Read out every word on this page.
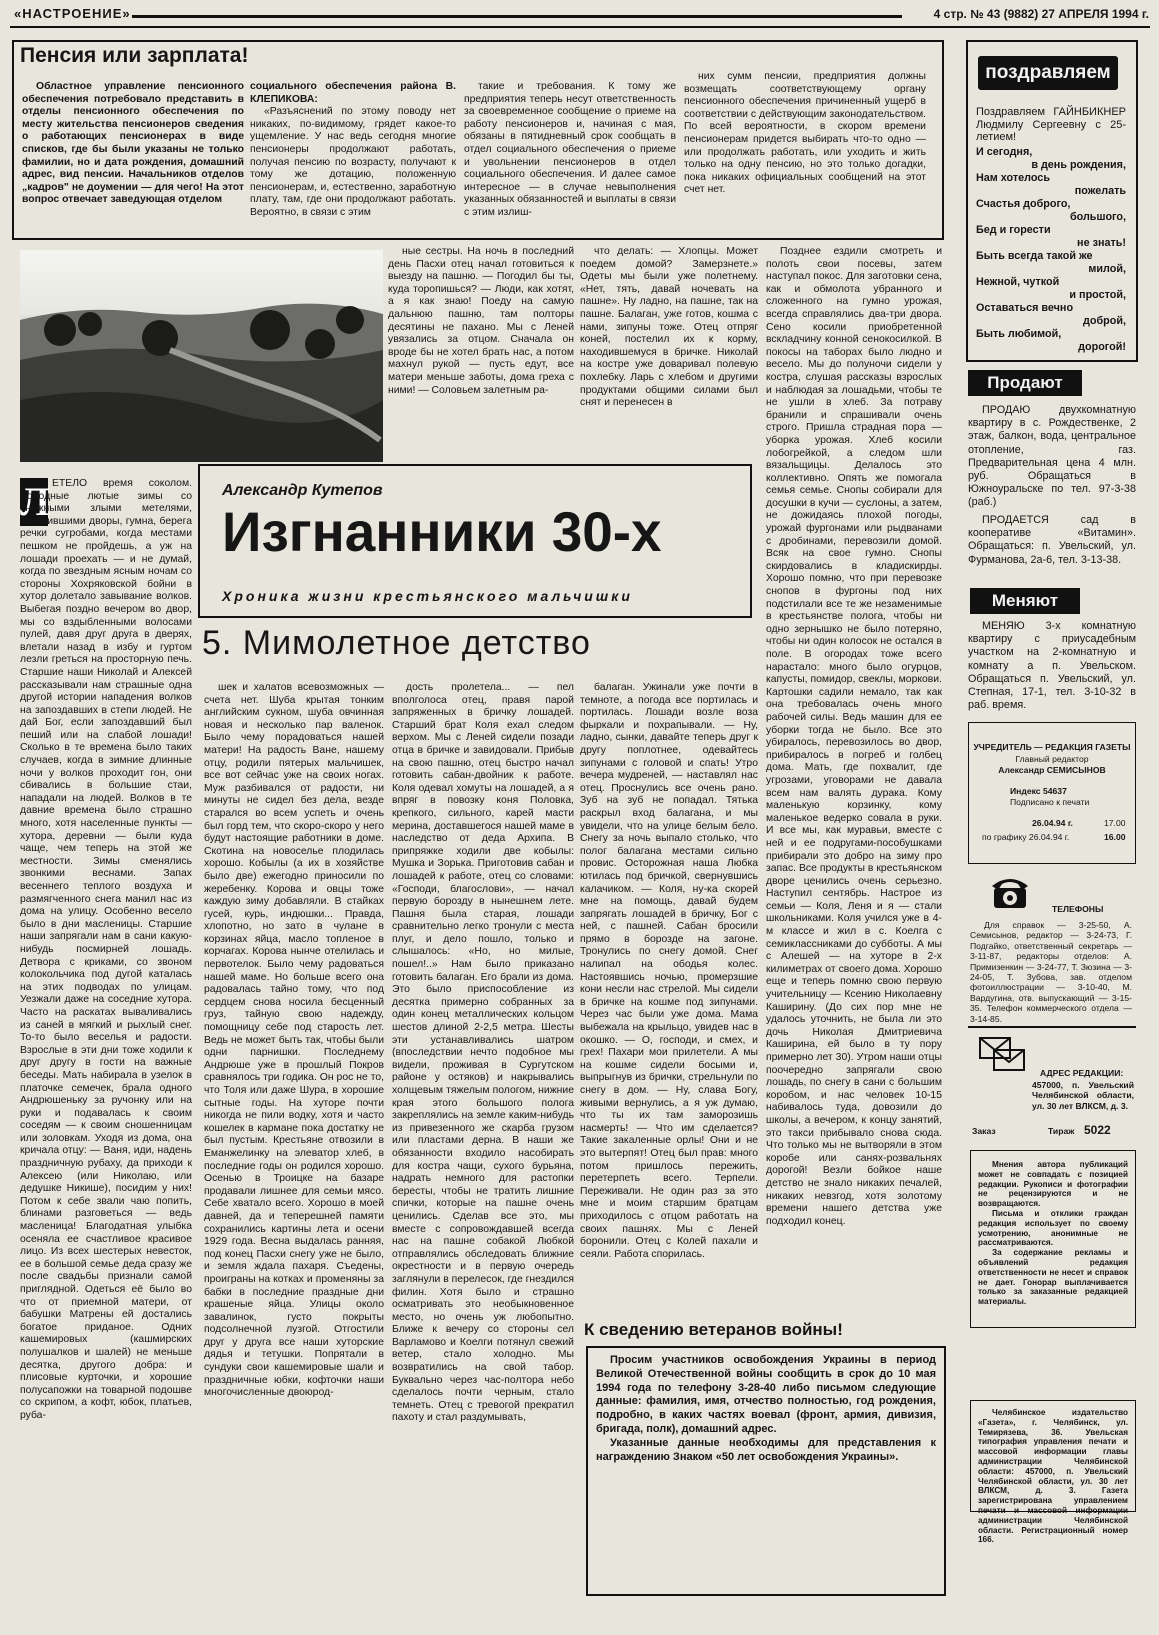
«НАСТРОЕНИЕ»	4 стр. № 43 (9882) 27 АПРЕЛЯ 1994 г.
Пенсия или зарплата!

Областное управление пенсионного обеспечения потребовало представить в отделы пенсионного обеспечения по месту жительства пенсионеров сведения о работающих пенсионерах в виде списков, где бы были указаны не только фамилии, но и дата рождения, домашний адрес, вид пенсии. Начальников отделов „кадров" не доумении — для чего! На этот вопрос отвечает заведующая отделом

социального обеспечения района В. КЛЕПИКОВА:

«Разъяснений по этому поводу нет никаких, по-видимому, грядет какое-то ущемление. У нас ведь сегодня многие пенсионеры продолжают работать, получая пенсию по возрасту, получают к тому же дотацию, положенную пенсионерам, и, естественно, заработную плату, там, где они продолжают работать. Вероятно, в связи с этим

такие и требования. К тому же предприятия теперь несут ответственность за своевременное сообщение о приеме на работу пенсионеров и, начиная с мая, обязаны в пятидневный срок сообщать в отдел социального обеспечения о приеме и увольнении пенсионеров в отдел социального обеспечения. И далее самое интересное — в случае невыполнения указанных обязанностей и выплаты в связи с этим излиш-

них сумм пенсии, предприятия должны возмещать соответствующему органу пенсионного обеспечения причиненный ущерб в соответствии с действующим законодательством. По всей вероятности, в скором времени пенсионерам придется выбирать что-то одно — или продолжать работать, или уходить и жить только на одну пенсию, но это только догадки, пока никаких официальных сообщений на этот счет нет.

поздравляем
Поздравляем ГАЙНБИКНЕР Людмилу Сергеевну с 25-летием!
И сегодня,
в день рождения,
Нам хотелось
пожелать
Счастья доброго,
большого,
Бед и горести
не знать!
Быть всегда такой же
милой,
Нежной, чуткой
и простой,
Оставаться вечно
доброй,
Быть любимой,
дорогой!
Продают

ПРОДАЮ двухкомнатную квартиру в с. Рождественке, 2 этаж, балкон, вода, центральное отопление, газ. Предварительная цена 4 млн. руб. Обращаться в Южноуральске по тел. 97-3-38 (раб.)

ПРОДАЕТСЯ сад в кооперативе «Витамин». Обращаться: п. Увельский, ул. Фурманова, 2а-6, тел. 3-13-38.

Меняют

МЕНЯЮ 3-х комнатную квартиру с приусадебным участком на 2-комнатную и комнату а п. Увельском. Обращаться п. Увельский, ул. Степная, 17-1, тел. 3-10-32 в раб. время.

УЧРЕДИТЕЛЬ — РЕДАКЦИЯ ГАЗЕТЫ
Главный редактор
Александр СЕМИСЫНОВ
Индекс 54637
Подписано к печати
26.04.94 г.	17.00
по графику 26.04.94 г.	16.00
ТЕЛЕФОНЫ

Для справок — 3-25-50, А. Семисынов, редактор — 3-24-73, Г. Подгайко, ответственный секретарь — 3-11-87, редакторы отделов: А. Примизенкин — 3-24-77, Т. Зюзина — 3-24-05, Т. Зубова, зав. отделом фотоиллюстрации — 3-10-40, М. Вардугина, отв. выпускающий — 3-15-35. Телефон коммерческого отдела — 3-14-85.

АДРЕС РЕДАКЦИИ:
457000, п. Увельский Челябинской области, ул. 30 лет ВЛКСМ, д. 3.
Заказ	Тираж 5022

Мнения автора публикаций может не совпадать с позицией редакции. Рукописи и фотографии не рецензируются и не возвращаются.

Письма и отклики граждан редакция использует по своему усмотрению, анонимные не рассматриваются.

За содержание рекламы и объявлений редакция ответственности не несет и справок не дает. Гонорар выплачивается только за заказанные редакцией материалы.

Челябинское издательство «Газета», г. Челябинск, ул. Темирязева, 36. Увельская типография управления печати и массовой информации главы администрации Челябинской области: 457000, п. Увельский Челябинской области, ул. 30 лет ВЛКСМ, д. 3. Газета зарегистрирована управлением печати и массовой информации администрации Челябинской области. Регистрационный номер 166.

Александр Кутепов
Изгнанники 30-х
Хроника жизни крестьянского мальчишки
5. Мимолетное детство
Л ЕТЕЛО время соколом. Холодные лютые зимы со снежными злыми метелями, заносившими дворы, гумна, берега речки сугробами, когда местами пешком не пройдешь, а уж на лошади проехать — и не думай, когда по звездным ясным ночам со стороны Хохряковской бойни в хутор долетало завывание волков. Выбегая поздно вечером во двор, мы со вздыбленными волосами пулей, давя друг друга в дверях, влетали назад в избу и гуртом лезли греться на просторную печь. Старшие наши Николай и Алексей рассказывали нам страшные одна другой истории нападения волков на запоздавших в степи людей. Не дай Бог, если запоздавший был пеший или на слабой лошади! Сколько в те времена было таких случаев, когда в зимние длинные ночи у волков проходит гон, они сбивались в большие стаи, нападали на людей. Волков в те давние времена было страшно много, хотя населенные пункты — хутора, деревни — были куда чаще, чем теперь на этой же местности. Зимы сменялись звонкими веснами. Запах весеннего теплого воздуха и размягченного снега манил нас из дома на улицу. Особенно весело было в дни масленицы. Старшие наши запрягали нам в сани какую-нибудь посмирней лошадь. Детвора с криками, со звоном колокольчика под дугой каталась на этих подводах по улицам. Уезжали даже на соседние хутора. Часто на раскатах вываливались из саней в мягкий и рыхлый снег. То-то было веселья и радости. Взрослые в эти дни тоже ходили к друг другу в гости на важные беседы. Мать набирала в узелок в платочке семечек, брала одного Андрюшеньку за ручонку или на руки и подавалась к своим соседям — к своим сношенницам или золовкам. Уходя из дома, она кричала отцу: — Ваня, иди, надень праздничную рубаху, да приходи к Алексею (или Николаю, или дедушке Никише), посидим у них! Потом к себе звали чаю попить, блинами разговеться — ведь масленица! Благодатная улыбка осеняла ее счастливое красивое лицо. Из всех шестерых невесток, ее в большой семье деда сразу же после свадьбы признали самой приглядной. Одеться её было во что от приемной матери, от бабушки Матрены ей достались богатое приданое. Одних кашемировых (кашмирских полушалков и шалей) не меньше десятка, другого добра: и плисовые курточки, и хорошие полусапожки на товарной подошве со скрипом, а кофт, юбок, платьев, руба-

ные сестры. На ночь в последний день Пасхи отец начал готовиться к выезду на пашню. — Погодил бы ты, куда торопишься? — Люди, как хотят, а я как знаю! Поеду на самую дальнюю пашню, там полторы десятины не пахано. Мы с Леней увязались за отцом. Сначала он вроде бы не хотел брать нас, а потом махнул рукой — пусть едут, все матери меньше заботы, дома греха с ними! — Соловьем залетным ра-

что делать: — Хлопцы. Может поедем домой? Замерзнете.» Одеты мы были уже полетнему. «Нет, тять, давай ночевать на пашне». Ну ладно, на пашне, так на пашне. Балаган, уже готов, кошма с нами, зипуны тоже. Отец отпряг коней, постелил их к корму, находившемуся в бричке. Николай на костре уже доваривал полевую похлебку. Ларь с хлебом и другими продуктами общими силами был снят и перенесен в

Позднее ездили смотреть и полоть свои посевы, затем наступал покос. Для заготовки сена, как и обмолота убранного и сложенного на гумно урожая, всегда справлялись два-три двора. Сено косили приобретенной вскладчину конной сенокосилкой. В покосы на таборах было людно и весело. Мы до полуночи сидели у костра, слушая рассказы взрослых и наблюдая за лошадьми, чтобы те не ушли в хлеб. За потраву бранили и спрашивали очень строго. Пришла страдная пора — уборка урожая. Хлеб косили лобогрейкой, а следом шли вязальщицы. Делалось это коллективно. Опять же помогала семья семье. Снопы собирали для досушки в кучи — суслоны, а затем, не дожидаясь плохой погоды, урожай фургонами или рыдванами с дробинами, перевозили домой. Всяк на свое гумно. Снопы скирдовались в кладискирды. Хорошо помню, что при перевозке снопов в фургоны под них подстилали все те же незаменимые в крестьянстве полога, чтобы ни одно зернышко не было потеряно, чтобы ни один колосок не остался в поле. В огородах тоже всего нарастало: много было огурцов, капусты, помидор, свеклы, моркови. Картошки садили немало, так как она требовалась очень много рабочей силы. Ведь машин для ее уборки тогда не было. Все это убиралось, перевозилось во двор, прибиралось в погреб и голбец дома. Мать, где похвалит, где угрозами, уговорами не давала всем нам валять дурака. Кому маленькую корзинку, кому маленькое ведерко совала в руки. И все мы, как муравьи, вместе с ней и ее подругами-пособушками прибирали это добро на зиму про запас. Все продукты в крестьянском дворе ценились очень серьезно. Наступил сентябрь. Настрое из семьи — Коля, Леня и я — стали школьниками. Коля учился уже в 4-м классе и жил в с. Коелга с семиклассниками до субботы. А мы с Алешей — на хуторе в 2-х килиметрах от своего дома. Хорошо еще и теперь помню свою первую учительницу — Ксению Николаевну Каширину. (До сих пор мне не удалось уточнить, не была ли это дочь Николая Дмитриевича Каширина, ей было в ту пору примерно лет 30). Утром наши отцы поочередно запрягали свою лошадь, по снегу в сани с большим коробом, и нас человек 10-15 набивалось туда, довозили до школы, а вечером, к концу занятий, это такси прибывало снова сюда. Что только мы не вытворяли в этом коробе или санях-розвальнях дорогой! Везли бойкое наше детство не знало никаких печалей, никаких невзгод, хотя золотому времени нашего детства уже подходил конец.

шек и халатов всевозможных — счета нет. Шуба крытая тонким английским сукном, шуба овчинная новая и несколько пар валенок. Было чему порадоваться нашей матери! На радость Ване, нашему отцу, родили пятерых мальчишек, все вот сейчас уже на своих ногах. Муж разбивался от радости, ни минуты не сидел без дела, везде старался во всем успеть и очень был горд тем, что скоро-скоро у него будут настоящие работники в доме. Скотина на новоселье плодилась хорошо. Кобылы (а их в хозяйстве было две) ежегодно приносили по жеребенку. Корова и овцы тоже каждую зиму добавляли. В стайках гусей, курь, индюшки... Правда, хлопотно, но зато в чулане в корзинах яйца, масло топленое в корчагах. Корова нынче отелилась и первотелок. Было чему радоваться нашей маме. Но больше всего она радовалась тайно тому, что под сердцем снова носила бесценный груз, тайную свою надежду, помощницу себе под старость лет. Ведь не может быть так, чтобы были одни парнишки. Последнему Андрюше уже в прошлый Покров сравнялось три годика. Он рос не то, что Толя или даже Шура, в хорошие сытные годы. На хуторе почти никогда не пили водку, хотя и часто кошелек в кармане пока достатку не был пустым. Крестьяне отвозили в Еманжелинку на элеватор хлеб, в последние годы он родился хорошо. Осенью в Троицке на базаре продавали лишнее для семьи мясо. Себе хватало всего. Хорошо в моей давней, да и теперешней памяти сохранились картины лета и осени 1929 года. Весна выдалась ранняя, под конец Пасхи снегу уже не было, и земля ждала пахаря. Съедены, проиграны на котках и променяны за бабки в последние праздные дни крашеные яйца. Улицы около завалинок, густо покрыты подсолнечной лузгой. Отгостили друг у друга все наши хуторские дядья и тетушки. Попрятали в сундуки свои кашемировые шали и праздничные юбки, кофточки наши многочисленные двоюрод-

дость пролетела... — пел вполголоса отец, правя парой запряженных в бричку лошадей. Старший брат Коля ехал следом верхом. Мы с Леней сидели позади отца в бричке и завидовали. Прибыв на свою пашню, отец быстро начал готовить сабан-двойник к работе. Коля одевал хомуты на лошадей, а я впряг в повозку коня Половка, крепкого, сильного, карей масти мерина, доставшегося нашей маме в наследство от деда Архипа. В припряжке ходили две кобылы: Мушка и Зорька. Приготовив сабан и лошадей к работе, отец со словами: «Господи, благослови», — начал первую борозду в нынешнем лете. Пашня была старая, лошади сравнительно легко тронули с места плуг, и дело пошло, только и слышалось: «Но, но милые, пошел!..» Нам было приказано готовить балаган. Его брали из дома. Это было приспособление из десятка примерно собранных за один конец металлических кольцом шестов длиной 2-2,5 метра. Шесты эти устанавливались шатром (впоследствии нечто подобное мы видели, проживая в Сургутском районе у остяков) и накрывались холщевым тяжелым пологом, нижние края этого большого полога закреплялись на земле каким-нибудь из привезенного же скарба грузом или пластами дерна. В наши же обязанности входило насобирать для костра чащи, сухого бурьяна, надрать немного для растопки бересты, чтобы не тратить лишние спички, которые на пашне очень ценились. Сделав все это, мы вместе с сопровождавшей всегда нас на пашне собакой Любкой отправлялись обследовать ближние окрестности и в первую очередь заглянули в перелесок, где гнездился филин. Хотя было и страшно осматривать это необыкновенное место, но очень уж любопытно. Ближе к вечеру со стороны сел Варламово и Коелги потянул свежий ветер, стало холодно. Мы возвратились на свой табор. Буквально через час-полтора небо сделалось почти черным, стало темнеть. Отец с тревогой прекратил пахоту и стал раздумывать,

балаган. Ужинали уже почти в темноте, а погода все портилась и портилась. Лошади возле воза фыркали и похрапывали. — Ну, ладно, сынки, давайте теперь друг к другу поплотнее, одевайтесь зипунами с головой и спать! Утро вечера мудреней, — наставлял нас отец. Проснулись все очень рано. Зуб на зуб не попадал. Тятька раскрыл вход балагана, и мы увидели, что на улице белым бело. Снегу за ночь выпало столько, что полог балагана местами сильно провис. Осторожная наша Любка ютилась под бричкой, свернувшись калачиком. — Коля, ну-ка скорей мне на помощь, давай будем запрягать лошадей в бричку, Бог с ней, с пашней. Сабан бросили прямо в борозде на загоне. Тронулись по снегу домой. Снег налипал на ободья колес. Настоявшись ночью, промерзшие кони несли нас стрелой. Мы сидели в бричке на кошме под зипунами. Через час были уже дома. Мама выбежала на крыльцо, увидев нас в окошко. — О, господи, и смех, и грех! Пахари мои прилетели. А мы на кошме сидели босыми и, выпрыгнув из брички, стрельнули по снегу в дом. — Ну, слава Богу, живыми вернулись, а я уж думаю, что ты их там заморозишь насмерть! — Что им сделается? Такие закаленные орлы! Они и не это вытерпят! Отец был прав: много потом пришлось пережить, перетерпеть всего. Терпели. Переживали. Не один раз за это мне и моим старшим братцам приходилось с отцом работать на своих пашнях. Мы с Леней боронили. Отец с Колей пахали и сеяли. Работа спорилась.

К сведению ветеранов войны!

Просим участников освобождения Украины в период Великой Отечественной войны сообщить в срок до 10 мая 1994 года по телефону 3-28-40 либо письмом следующие данные: фамилия, имя, отчество полностью, год рождения, подробно, в каких частях воевал (фронт, армия, дивизия, бригада, полк), домашний адрес.

Указанные данные необходимы для представления к награждению Знаком «50 лет освобождения Украины».
